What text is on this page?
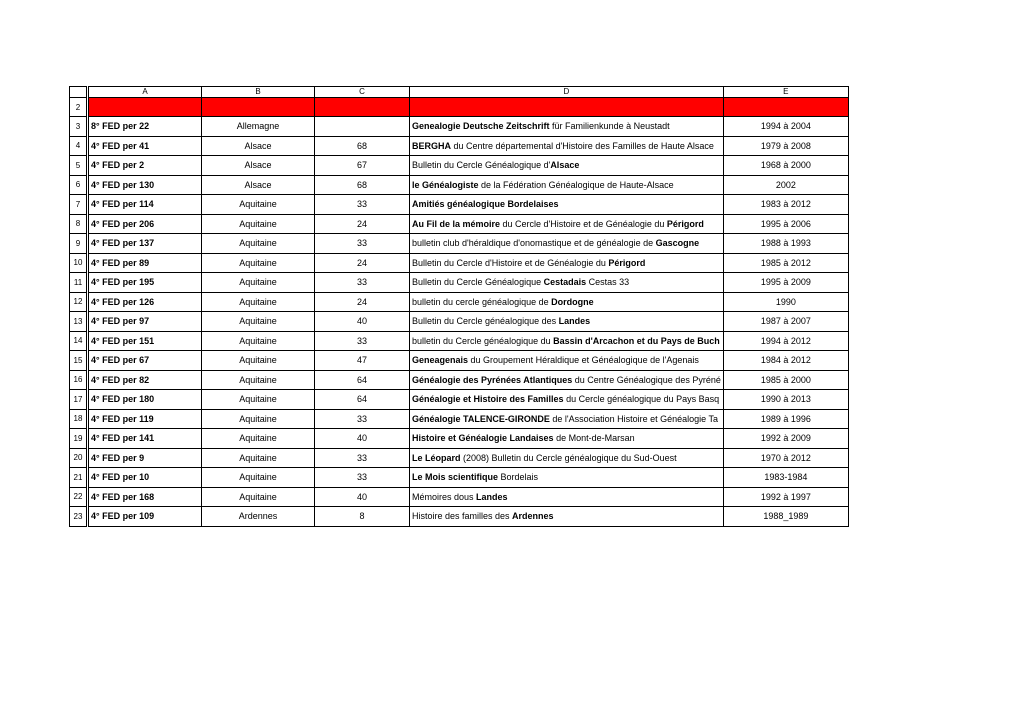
	A	B	C	D	E
2	Cotes	Région	Dep	Titre de la revue	Années
3	8° FED per 22	Allemagne		Genealogie Deutsche Zeitschrift für Familienkunde à Neustadt	1994 à 2004
4	4° FED per 41	Alsace	68	BERGHA du Centre départemental d'Histoire des Familles de Haute Alsace	1979 à 2008
5	4° FED per 2	Alsace	67	Bulletin du Cercle Généalogique d'Alsace	1968 à 2000
6	4° FED per 130	Alsace	68	le Généalogiste de la Fédération Généalogique de Haute-Alsace	2002
7	4° FED per 114	Aquitaine	33	Amitiés généalogique Bordelaises	1983 à 2012
8	4° FED per 206	Aquitaine	24	Au Fil de la mémoire du Cercle d'Histoire et de Généalogie du Périgord	1995 à 2006
9	4° FED per 137	Aquitaine	33	bulletin club d'héraldique d'onomastique et de généalogie de Gascogne	1988 à 1993
10	4° FED per 89	Aquitaine	24	Bulletin du Cercle d'Histoire et de Généalogie du Périgord	1985 à 2012
11	4° FED per 195	Aquitaine	33	Bulletin du Cercle Généalogique Cestadais Cestas 33	1995 à 2009
12	4° FED per 126	Aquitaine	24	bulletin du cercle généalogique de Dordogne	1990
13	4° FED per 97	Aquitaine	40	Bulletin du Cercle généalogique des Landes	1987 à 2007
14	4° FED per 151	Aquitaine	33	bulletin du Cercle généalogique du Bassin d'Arcachon et du Pays de Buch	1994 à 2012
15	4° FED per 67	Aquitaine	47	Geneagenais du Groupement Héraldique et Généalogique de l'Agenais	1984 à 2012
16	4° FED per 82	Aquitaine	64	Généalogie des Pyrénées Atlantiques du Centre Généalogique des Pyréné	1985 à 2000
17	4° FED per 180	Aquitaine	64	Généalogie et Histoire des Familles du Cercle généalogique du Pays Basq	1990 à 2013
18	4° FED per 119	Aquitaine	33	Généalogie TALENCE-GIRONDE de l'Association Histoire et Généalogie Ta	1989 à 1996
19	4° FED per 141	Aquitaine	40	Histoire et Généalogie Landaises de Mont-de-Marsan	1992 à 2009
20	4° FED per 9	Aquitaine	33	Le Léopard (2008) Bulletin du Cercle généalogique du Sud-Ouest	1970 à 2012
21	4° FED per 10	Aquitaine	33	Le Mois scientifique Bordelais	1983-1984
22	4° FED per 168	Aquitaine	40	Mémoires dous Landes	1992 à 1997
23	4° FED per 109	Ardennes	8	Histoire des familles des Ardennes	1988_1989
